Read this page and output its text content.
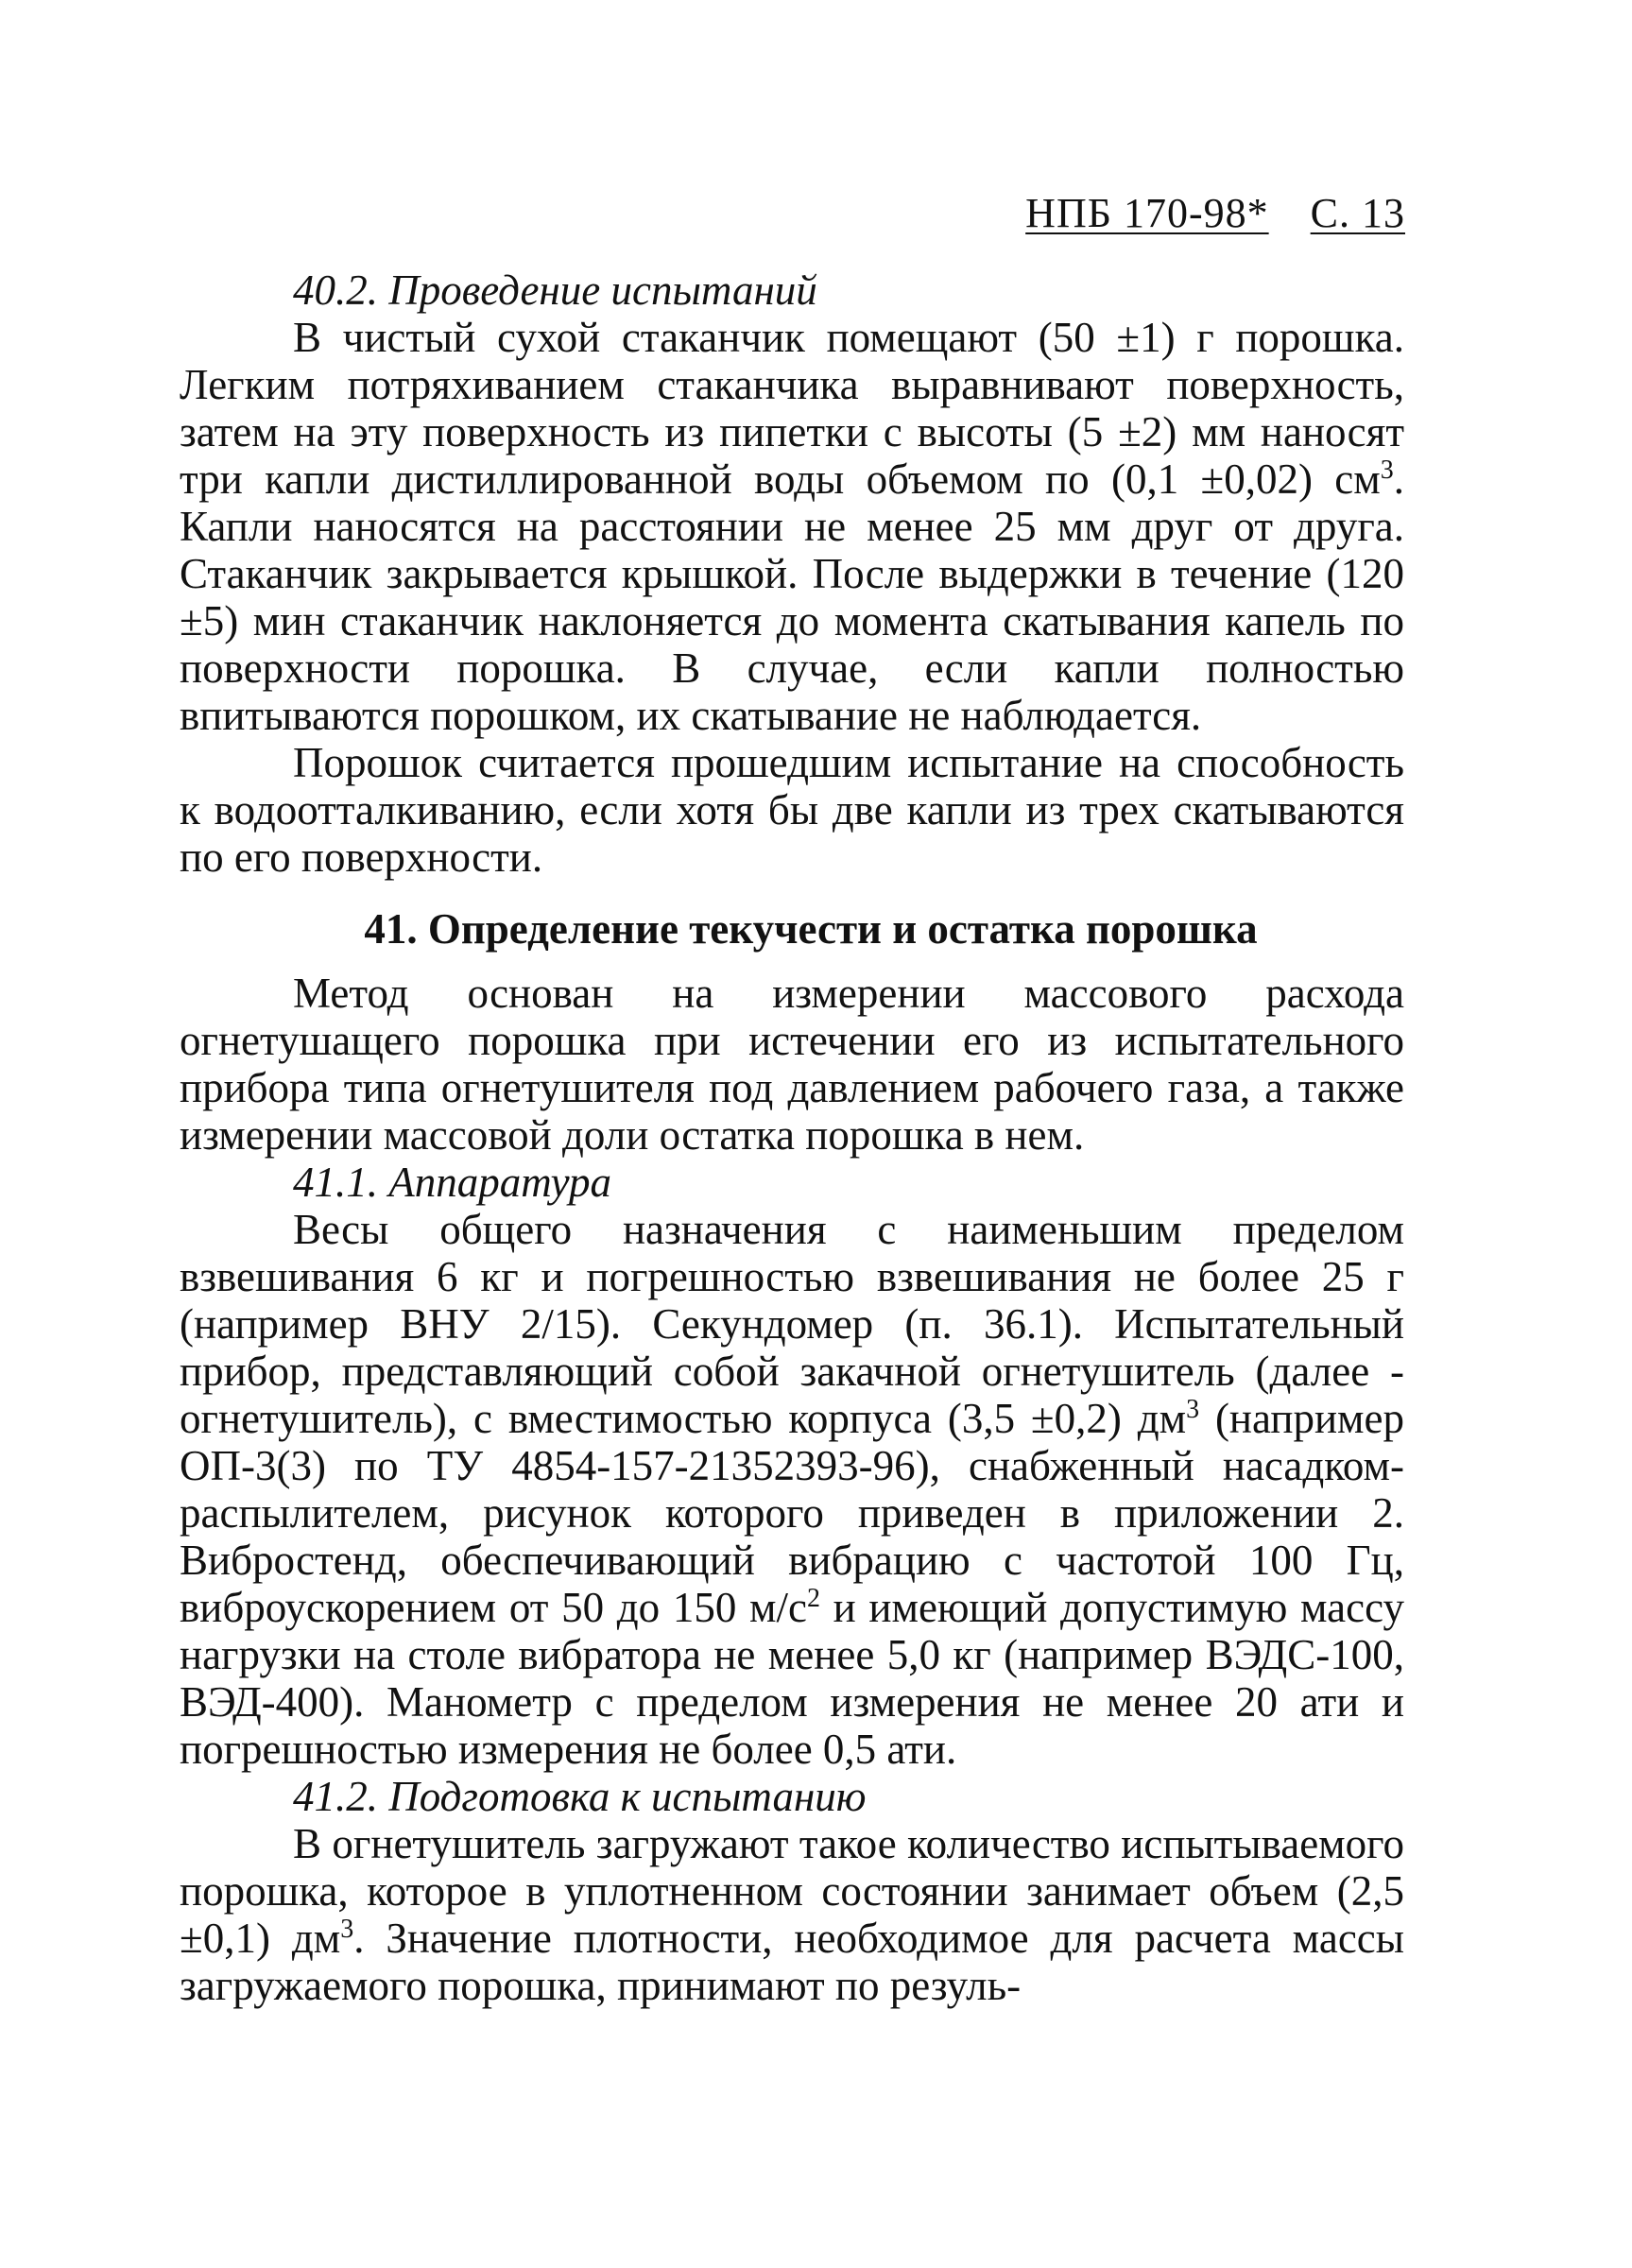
НПБ 170-98* С. 13
40.2. Проведение испытаний
В чистый сухой стаканчик помещают (50 ±1) г порошка. Легким потряхиванием стаканчика выравнивают поверхность, затем на эту поверхность из пипетки с высоты (5 ±2) мм наносят три капли дистиллированной воды объемом по (0,1 ±0,02) $см^3$. Капли наносятся на расстоянии не менее 25 мм друг от друга. Стаканчик закрывается крышкой. После выдержки в течение (120 ±5) мин стаканчик наклоняется до момента скатывания капель по поверхности порошка. В случае, если капли полностью впитываются порошком, их скатывание не наблюдается.
Порошок считается прошедшим испытание на способность к водоотталкиванию, если хотя бы две капли из трех скатываются по его поверхности.
41. Определение текучести и остатка порошка
Метод основан на измерении массового расхода огнетушащего порошка при истечении его из испытательного прибора типа огнетушителя под давлением рабочего газа, а также измерении массовой доли остатка порошка в нем.
41.1. Аппаратура
Весы общего назначения с наименьшим пределом взвешивания 6 кг и погрешностью взвешивания не более 25 г (например ВНУ 2/15). Секундомер (п. 36.1). Испытательный прибор, представляющий собой закачной огнетушитель (далее - огнетушитель), с вместимостью корпуса (3,5 ±0,2) $дм^3$ (например ОП-3(3) по ТУ 4854-157-21352393-96), снабженный насадком-распылителем, рисунок которого приведен в приложении 2. Вибростенд, обеспечивающий вибрацию с частотой 100 Гц, виброускорением от 50 до 150 $м/с^2$ и имеющий допустимую массу нагрузки на столе вибратора не менее 5,0 кг (например ВЭДС-100, ВЭД-400). Манометр с пределом измерения не менее 20 ати и погрешностью измерения не более 0,5 ати.
41.2. Подготовка к испытанию
В огнетушитель загружают такое количество испытываемого порошка, которое в уплотненном состоянии занимает объем (2,5 ±0,1) $дм^3$. Значение плотности, необходимое для расчета массы загружаемого порошка, принимают по резуль-
